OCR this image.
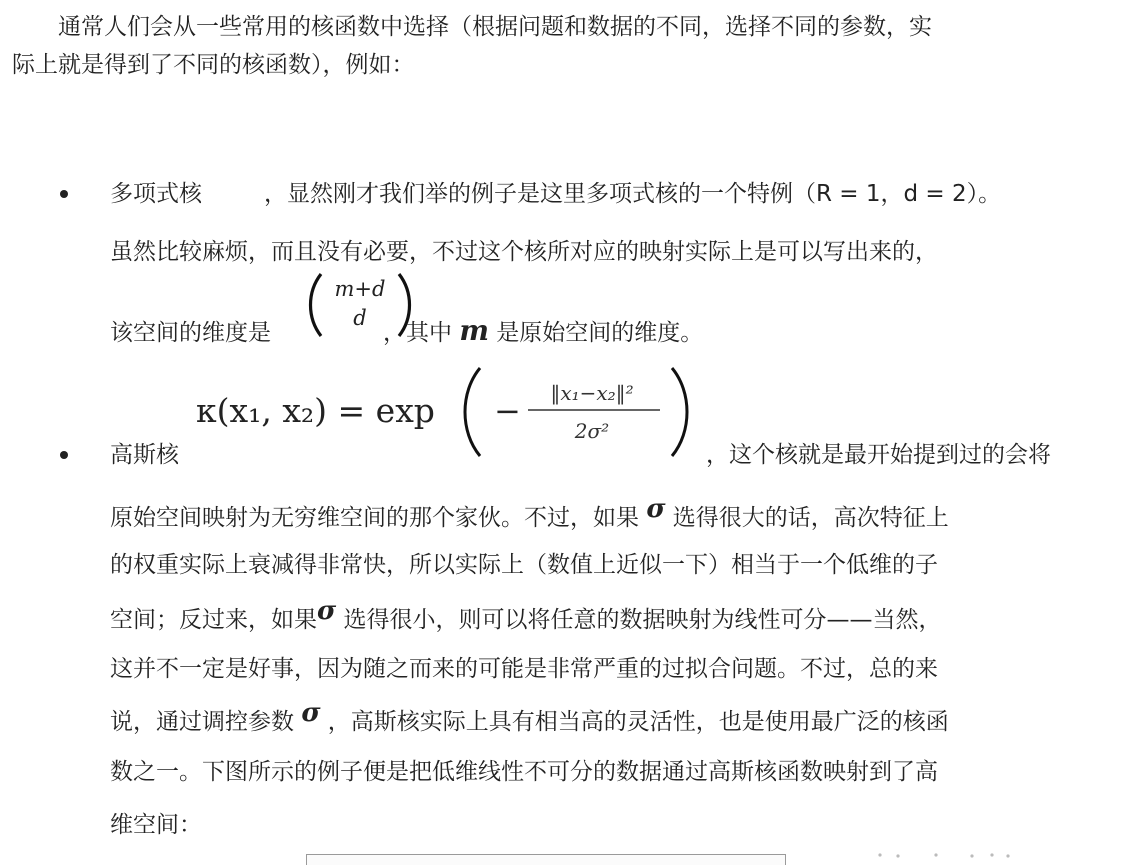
通常人们会从一些常用的核函数中选择（根据问题和数据的不同，选择不同的参数，实
际上就是得到了不同的核函数），例如：
多项式核	，显然刚才我们举的例子是这里多项式核的一个特例（R = 1，d = 2）。
虽然比较麻烦，而且没有必要，不过这个核所对应的映射实际上是可以写出来的，
该空间的维度是	，其中 m 是原始空间的维度。
m+d
d
κ(x₁, x₂) = exp − ‖x₁−x₂‖²
2σ²
高斯核	，这个核就是最开始提到过的会将
原始空间映射为无穷维空间的那个家伙。不过，如果 σ 选得很大的话，高次特征上
的权重实际上衰减得非常快，所以实际上（数值上近似一下）相当于一个低维的子
空间；反过来，如果σ 选得很小，则可以将任意的数据映射为线性可分——当然，
这并不一定是好事，因为随之而来的可能是非常严重的过拟合问题。不过，总的来
说，通过调控参数 σ ，高斯核实际上具有相当高的灵活性，也是使用最广泛的核函
数之一。下图所示的例子便是把低维线性不可分的数据通过高斯核函数映射到了高
维空间：
